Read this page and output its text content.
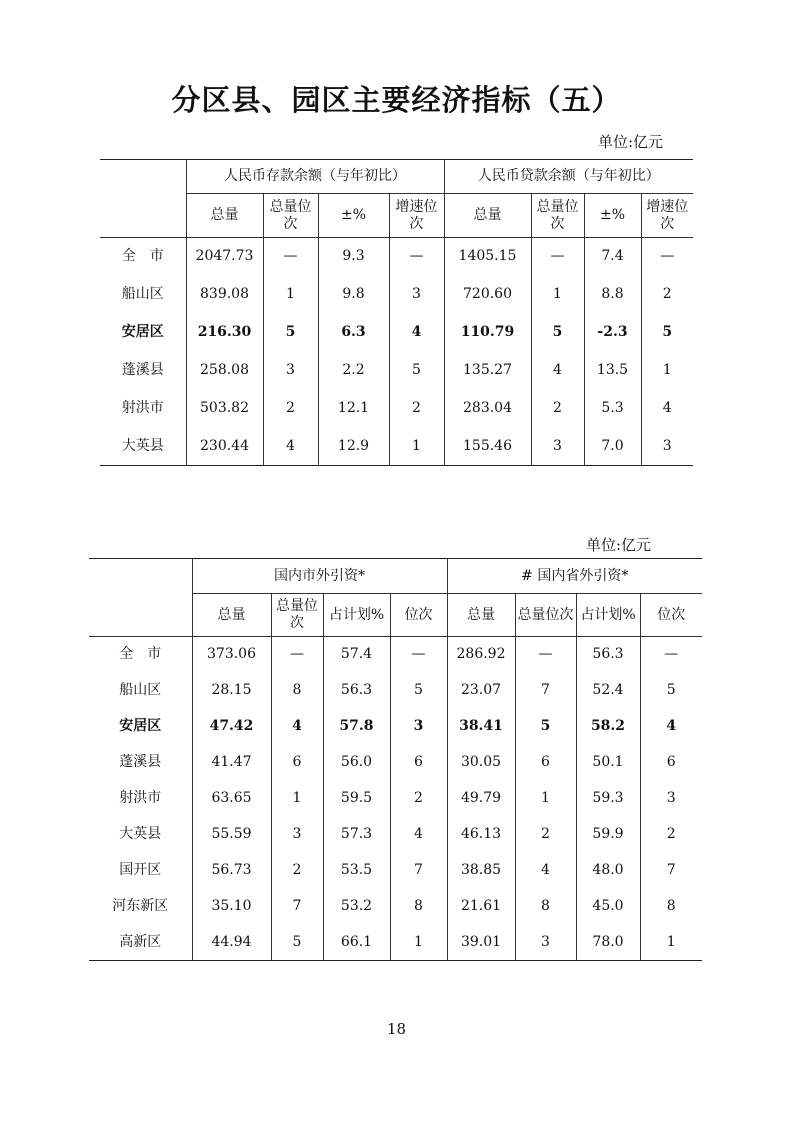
分区县、园区主要经济指标（五）
单位:亿元
	人民币存款余额（与年初比）				人民币贷款余额（与年初比）			
	总量	总量位次	±%	增速位次	总量	总量位次	±%	增速位次
全　市	2047.73	—	9.3	—	1405.15	—	7.4	—
船山区	839.08	1	9.8	3	720.60	1	8.8	2
安居区	216.30	5	6.3	4	110.79	5	-2.3	5
蓬溪县	258.08	3	2.2	5	135.27	4	13.5	1
射洪市	503.82	2	12.1	2	283.04	2	5.3	4
大英县	230.44	4	12.9	1	155.46	3	7.0	3
单位:亿元
	国内市外引资*				# 国内省外引资*			
	总量	总量位次	占计划%	位次	总量	总量位次	占计划%	位次
全　市	373.06	—	57.4	—	286.92	—	56.3	—
船山区	28.15	8	56.3	5	23.07	7	52.4	5
安居区	47.42	4	57.8	3	38.41	5	58.2	4
蓬溪县	41.47	6	56.0	6	30.05	6	50.1	6
射洪市	63.65	1	59.5	2	49.79	1	59.3	3
大英县	55.59	3	57.3	4	46.13	2	59.9	2
国开区	56.73	2	53.5	7	38.85	4	48.0	7
河东新区	35.10	7	53.2	8	21.61	8	45.0	8
高新区	44.94	5	66.1	1	39.01	3	78.0	1
18
